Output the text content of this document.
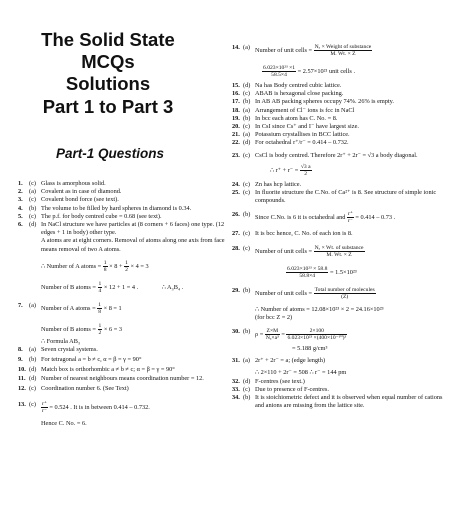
The Solid State
MCQs
Solutions
Part 1 to Part 3
Part-1 Questions
1. (c) Glass is amorphous solid.
2. (a) Covalent as in case of diamond.
3. (c) Covalent bond force (see text).
4. (b) The volume to be filled by hard spheres in diamond is 0.34.
5. (c) The p.f. for body centred cube = 0.68 (see text).
6. (d) In NaCl structure we have particles at (8 corners + 6 faces) one type. (12 edges + 1 in body) other type.
A atoms are at eight corners. Removal of atoms along one axis from face means removal of two A atoms.
∴ Number of A atoms = $\frac{1}{8} \times 8 + \frac{1}{2} \times 4 = 3$
Number of B atoms = $\frac{1}{4} \times 12 + 1 = 4$ .	∴ A₃B₄ .
7. (a) Number of A atoms = $\frac{1}{8} \times 8 = 1$
Number of B atoms = $\frac{1}{2} \times 6 = 3$
∴ Formula AB₃
8. (a) Seven crystal systems.
9. (b) For tetragonal a = b ≠ c, α = β = γ = 90°
10. (d) Match box is orthorhombic a ≠ b ≠ c; α = β = γ = 90°
11. (d) Number of nearest neighbours means coordination number = 12.
12. (c) Coordination number 6. (See Text)
13. $(c) \frac{r^+}{r^-} = 0.524$ . It is in between 0.414 – 0.732.
Hence C. No. = 6.
14. (a) Number of unit cells = $\frac{\text{Nₐ × Weight of substance}}{M. Wt. \times Z}$
$\frac{\text{6.023×10²³ ×1}}{58.5\times 4} = 2.57\times 10^{21}$ unit cells .
15. (d) Na has Body centred cubic lattice.
16. (c) ABAB is hexagonal close packing.
17. (b) In AB AB packing spheres occupy 74%. 26% is empty.
18. (a) Arrangement of Cl⁻ ions is fcc in NaCl
19. (b) In bcc each atom has C. No. = 8.
20. (c) In CsI since Cs⁺ and I⁻ have largest size.
21. (a) Potassium crystallises in BCC lattice.
22. (d) For octahedral r⁺/r⁻ = 0.414 – 0.732.
23. (c) CsCl is body centred. Therefore 2r⁺ + 2r⁻ = √3 a body diagonal.
∴ $r^+ + r^- = \frac{√3 a}{2}$
24. (c) Zn has hcp lattice.
25. (c) In fluorite structure the C.No. of Ca²⁺ is 8. See structure of simple ionic compounds.
26. (b) Since C.No. is 6 it is octahedral and $\frac{r^+}{r^-} = 0.414 - 0.73$ .
27. (c) It is bcc hence, C. No. of each ion is 8.
28. (c) Number of unit cells = $\frac{\text{Nₐ × Wt. of substance}}{M. Wt. \times Z}$
$\frac{\text{6.023×10²³ × 58.8}}{58.8\times 4} = 1.5\times 10^{23}$
29. (b) Number of unit cells = $\frac{\text{Total number of molecules}}{(Z)}$
∴ Number of atoms = 12.08×10²³ × 2 = 24.16×10²³
(for bcc Z = 2)
30. (b) $\rho = \frac{Z\times M}{\text{Nₐ×a³}} = \frac{2\times 100}{\text{6.023×10²³ ×(400×10⁻¹⁰)³}}$
= 5.188 g/cm³
31. (a) 2r⁺ + 2r⁻ = a; (edge length)
∴ 2×110 + 2r⁻ = 508 ∴ r⁻ = 144 pm
32. (d) F-centres (see text.)
33. (c) Due to presence of F-centres.
34. (b) It is stoichiometric defect and it is observed when equal number of cations and anions are missing from the lattice site.
